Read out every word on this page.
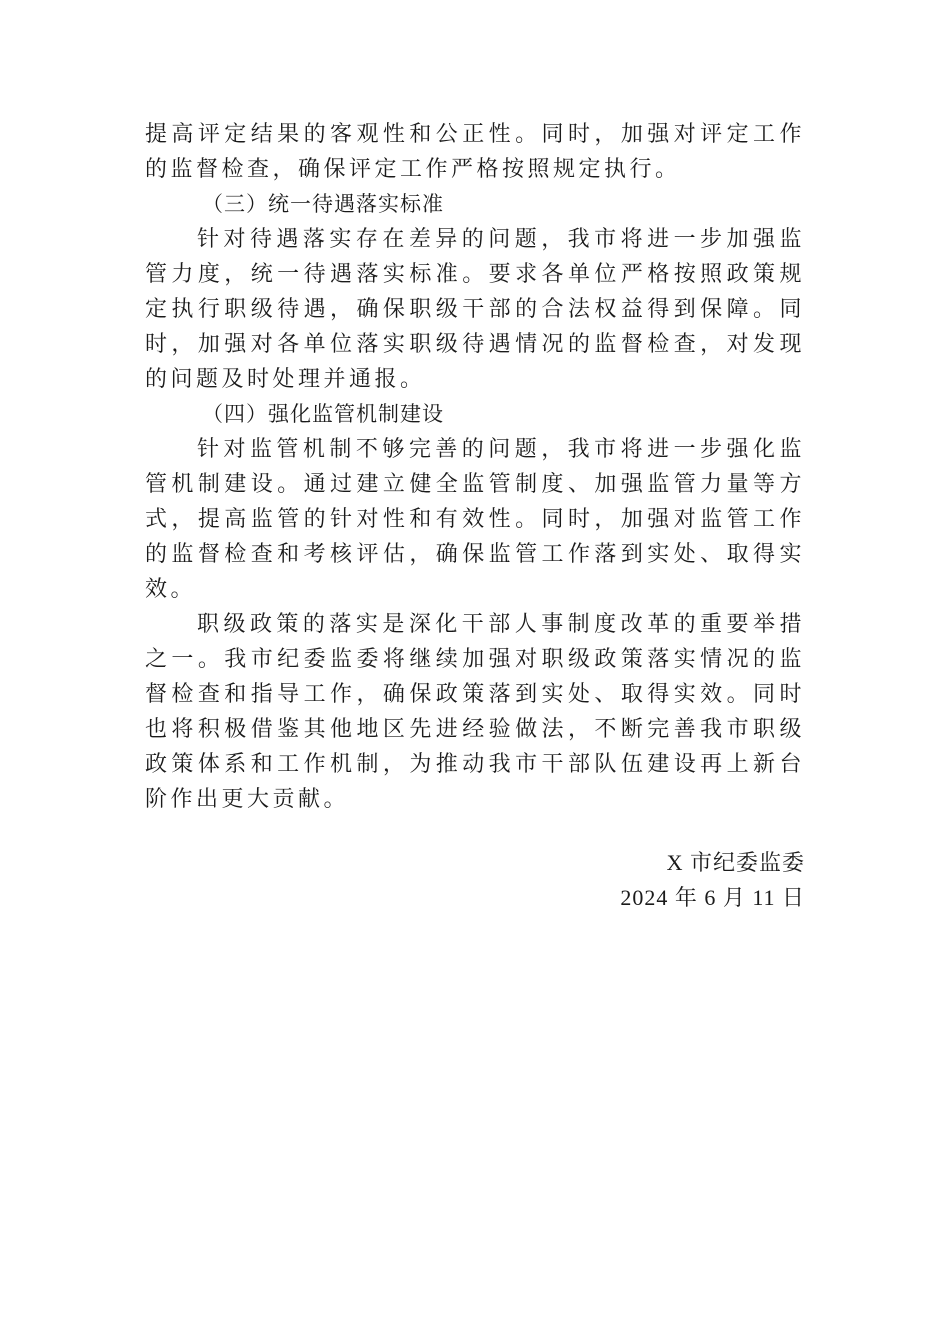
提高评定结果的客观性和公正性。同时，加强对评定工作的监督检查，确保评定工作严格按照规定执行。

（三）统一待遇落实标准

针对待遇落实存在差异的问题，我市将进一步加强监管力度，统一待遇落实标准。要求各单位严格按照政策规定执行职级待遇，确保职级干部的合法权益得到保障。同时，加强对各单位落实职级待遇情况的监督检查，对发现的问题及时处理并通报。

（四）强化监管机制建设

针对监管机制不够完善的问题，我市将进一步强化监管机制建设。通过建立健全监管制度、加强监管力量等方式，提高监管的针对性和有效性。同时，加强对监管工作的监督检查和考核评估，确保监管工作落到实处、取得实效。

职级政策的落实是深化干部人事制度改革的重要举措之一。我市纪委监委将继续加强对职级政策落实情况的监督检查和指导工作，确保政策落到实处、取得实效。同时也将积极借鉴其他地区先进经验做法，不断完善我市职级政策体系和工作机制，为推动我市干部队伍建设再上新台阶作出更大贡献。

X 市纪委监委
2024 年 6 月 11 日
